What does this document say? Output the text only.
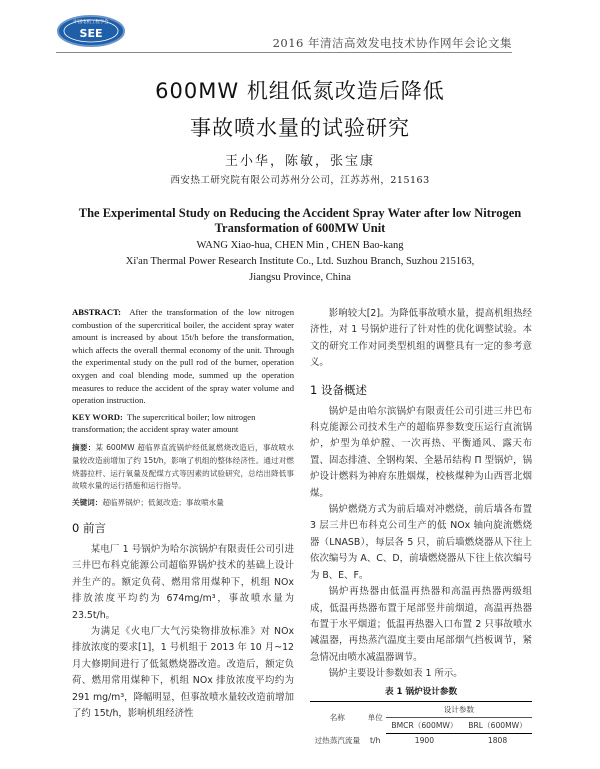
中国电机工程学会
SEE
2016 年清洁高效发电技术协作网年会论文集
600MW 机组低氮改造后降低
事故喷水量的试验研究
王小华，陈敏，张宝康
西安热工研究院有限公司苏州分公司，江苏苏州，215163
The Experimental Study on Reducing the Accident Spray Water after low Nitrogen Transformation of 600MW Unit
WANG Xiao-hua, CHEN Min , CHEN Bao-kang
Xi'an Thermal Power Research Institute Co., Ltd. Suzhou Branch, Suzhou 215163,
Jiangsu Province, China

ABSTRACT: After the transformation of the low nitrogen combustion of the supercritical boiler, the accident spray water amount is increased by about 15t/h before the transformation, which affects the overall thermal economy of the unit. Through the experimental study on the pull rod of the burner, operation oxygen and coal blending mode, summed up the operation measures to reduce the accident of the spray water volume and operation instruction.

KEY WORD: The supercritical boiler; low nitrogen transformation; the accident spray water amount

摘要：某 600MW 超临界直流锅炉经低氮燃烧改造后，事故喷水量较改造前增加了约 15t/h，影响了机组的整体经济性。通过对燃烧器拉杆、运行氧量及配煤方式等因素的试验研究，总结出降低事故喷水量的运行措施和运行指导。

关键词：超临界锅炉；低氮改造；事故喷水量

0 前言

某电厂 1 号锅炉为哈尔滨锅炉有限责任公司引进三井巴布科克能源公司超临界锅炉技术的基础上设计并生产的。额定负荷、燃用常用煤种下，机组 NOx 排放浓度平均约为 674mg/m³，事故喷水量为 23.5t/h。

为满足《火电厂大气污染物排放标准》对 NOx 排放浓度的要求[1]，1 号机组于 2013 年 10 月~12 月大修期间进行了低氮燃烧器改造。改造后，额定负荷、燃用常用煤种下，机组 NOx 排放浓度平均约为 291 mg/m³，降幅明显，但事故喷水量较改造前增加了约 15t/h，影响机组经济性

影响较大[2]。为降低事故喷水量，提高机组热经济性，对 1 号锅炉进行了针对性的优化调整试验。本文的研究工作对同类型机组的调整具有一定的参考意义。

1 设备概述

锅炉是由哈尔滨锅炉有限责任公司引进三井巴布科克能源公司技术生产的超临界参数变压运行直流锅炉，炉型为单炉膛、一次再热、平衡通风、露天布置、固态排渣、全钢构架、全悬吊结构 Π 型锅炉，锅炉设计燃料为神府东胜烟煤，校核煤种为山西晋北烟煤。

锅炉燃烧方式为前后墙对冲燃烧，前后墙各布置 3 层三井巴布科克公司生产的低 NOx 轴向旋流燃烧器（LNASB），每层各 5 只，前后墙燃烧器从下往上依次编号为 A、C、D，前墙燃烧器从下往上依次编号为 B、E、F。

锅炉再热器由低温再热器和高温再热器两级组成，低温再热器布置于尾部竖井前烟道，高温再热器布置于水平烟道；低温再热器入口布置 2 只事故喷水减温器，再热蒸汽温度主要由尾部烟气挡板调节，紧急情况由喷水减温器调节。

锅炉主要设计参数如表 1 所示。

表 1 锅炉设计参数
名称	单位	设计参数	
		BMCR（600MW）	BRL（600MW）
过热蒸汽流量	t/h	1900	1808
